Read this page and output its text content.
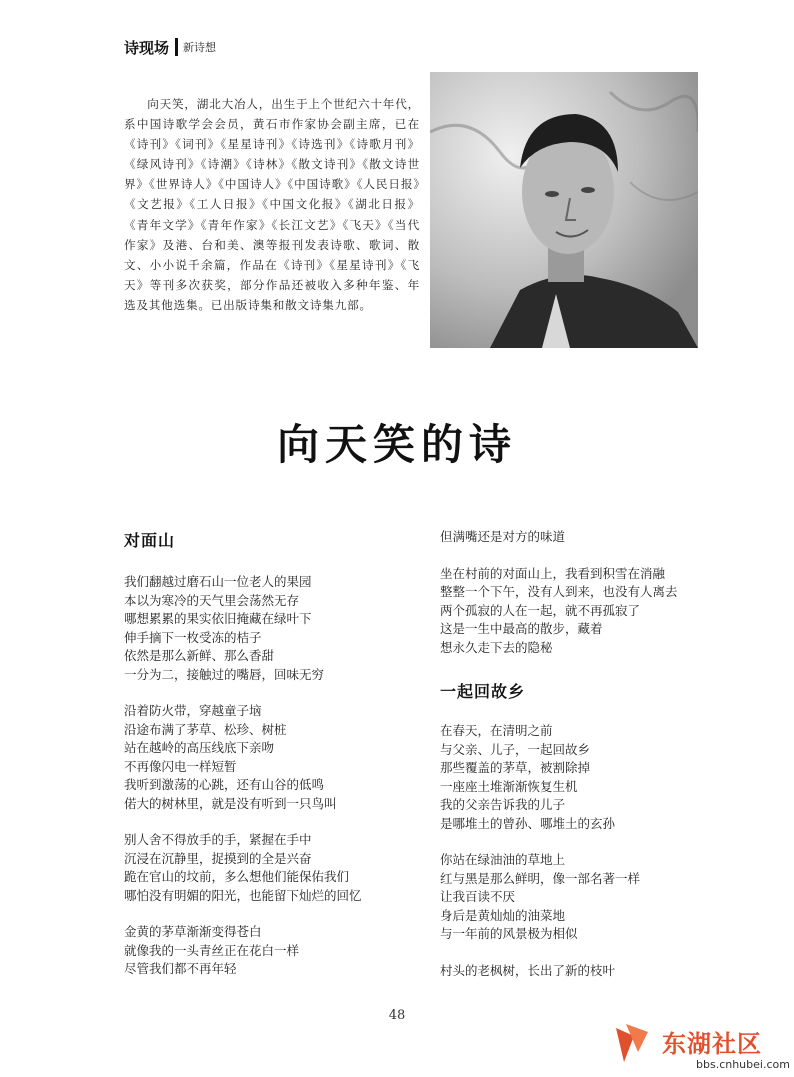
诗现场 新诗想

向天笑，湖北大冶人，出生于上个世纪六十年代，系中国诗歌学会会员，黄石市作家协会副主席，已在《诗刊》《词刊》《星星诗刊》《诗选刊》《诗歌月刊》《绿风诗刊》《诗潮》《诗林》《散文诗刊》《散文诗世界》《世界诗人》《中国诗人》《中国诗歌》《人民日报》《文艺报》《工人日报》《中国文化报》《湖北日报》《青年文学》《青年作家》《长江文艺》《飞天》《当代作家》及港、台和美、澳等报刊发表诗歌、歌词、散文、小小说千余篇，作品在《诗刊》《星星诗刊》《飞天》等刊多次获奖，部分作品还被收入多种年鉴、年选及其他选集。已出版诗集和散文诗集九部。

向天笑的诗
对面山
我们翻越过磨石山一位老人的果园
本以为寒冷的天气里会荡然无存
哪想累累的果实依旧掩藏在绿叶下
伸手摘下一枚受冻的桔子
依然是那么新鲜、那么香甜
一分为二，接触过的嘴唇，回味无穷
沿着防火带，穿越童子垴
沿途布满了茅草、松珍、树桩
站在越岭的高压线底下亲吻
不再像闪电一样短暂
我听到激荡的心跳，还有山谷的低鸣
偌大的树林里，就是没有听到一只鸟叫
别人舍不得放手的手，紧握在手中
沉浸在沉静里，捉摸到的全是兴奋
跪在官山的坟前，多么想他们能保佑我们
哪怕没有明媚的阳光，也能留下灿烂的回忆
金黄的茅草渐渐变得苍白
就像我的一头青丝正在花白一样
尽管我们都不再年轻
但满嘴还是对方的味道
坐在村前的对面山上，我看到积雪在消融
整整一个下午，没有人到来，也没有人离去
两个孤寂的人在一起，就不再孤寂了
这是一生中最高的散步，藏着
想永久走下去的隐秘
一起回故乡
在春天，在清明之前
与父亲、儿子，一起回故乡
那些覆盖的茅草，被割除掉
一座座土堆渐渐恢复生机
我的父亲告诉我的儿子
是哪堆土的曾孙、哪堆土的玄孙
你站在绿油油的草地上
红与黑是那么鲜明，像一部名著一样
让我百读不厌
身后是黄灿灿的油菜地
与一年前的风景极为相似
村头的老枫树，长出了新的枝叶
48
东湖社区
bbs.cnhubei.com
